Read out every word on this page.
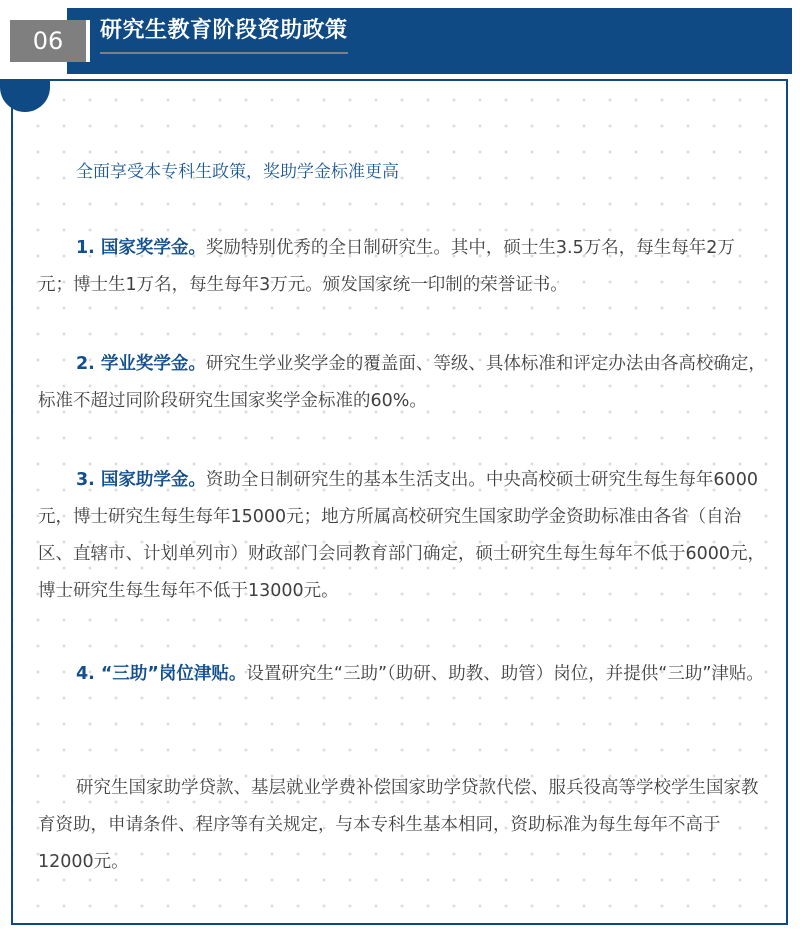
06	研究生教育阶段资助政策
全面享受本专科生政策，奖助学金标准更高

1. 国家奖学金。奖励特别优秀的全日制研究生。其中，硕士生3.5万名，每生每年2万元；博士生1万名，每生每年3万元。颁发国家统一印制的荣誉证书。

2. 学业奖学金。研究生学业奖学金的覆盖面、等级、具体标准和评定办法由各高校确定，标准不超过同阶段研究生国家奖学金标准的60%。

3. 国家助学金。资助全日制研究生的基本生活支出。中央高校硕士研究生每生每年6000元，博士研究生每生每年15000元；地方所属高校研究生国家助学金资助标准由各省（自治区、直辖市、计划单列市）财政部门会同教育部门确定，硕士研究生每生每年不低于6000元，博士研究生每生每年不低于13000元。

4. “三助”岗位津贴。设置研究生“三助”（助研、助教、助管）岗位，并提供“三助”津贴。

研究生国家助学贷款、基层就业学费补偿国家助学贷款代偿、服兵役高等学校学生国家教育资助，申请条件、程序等有关规定，与本专科生基本相同，资助标准为每生每年不高于12000元。
